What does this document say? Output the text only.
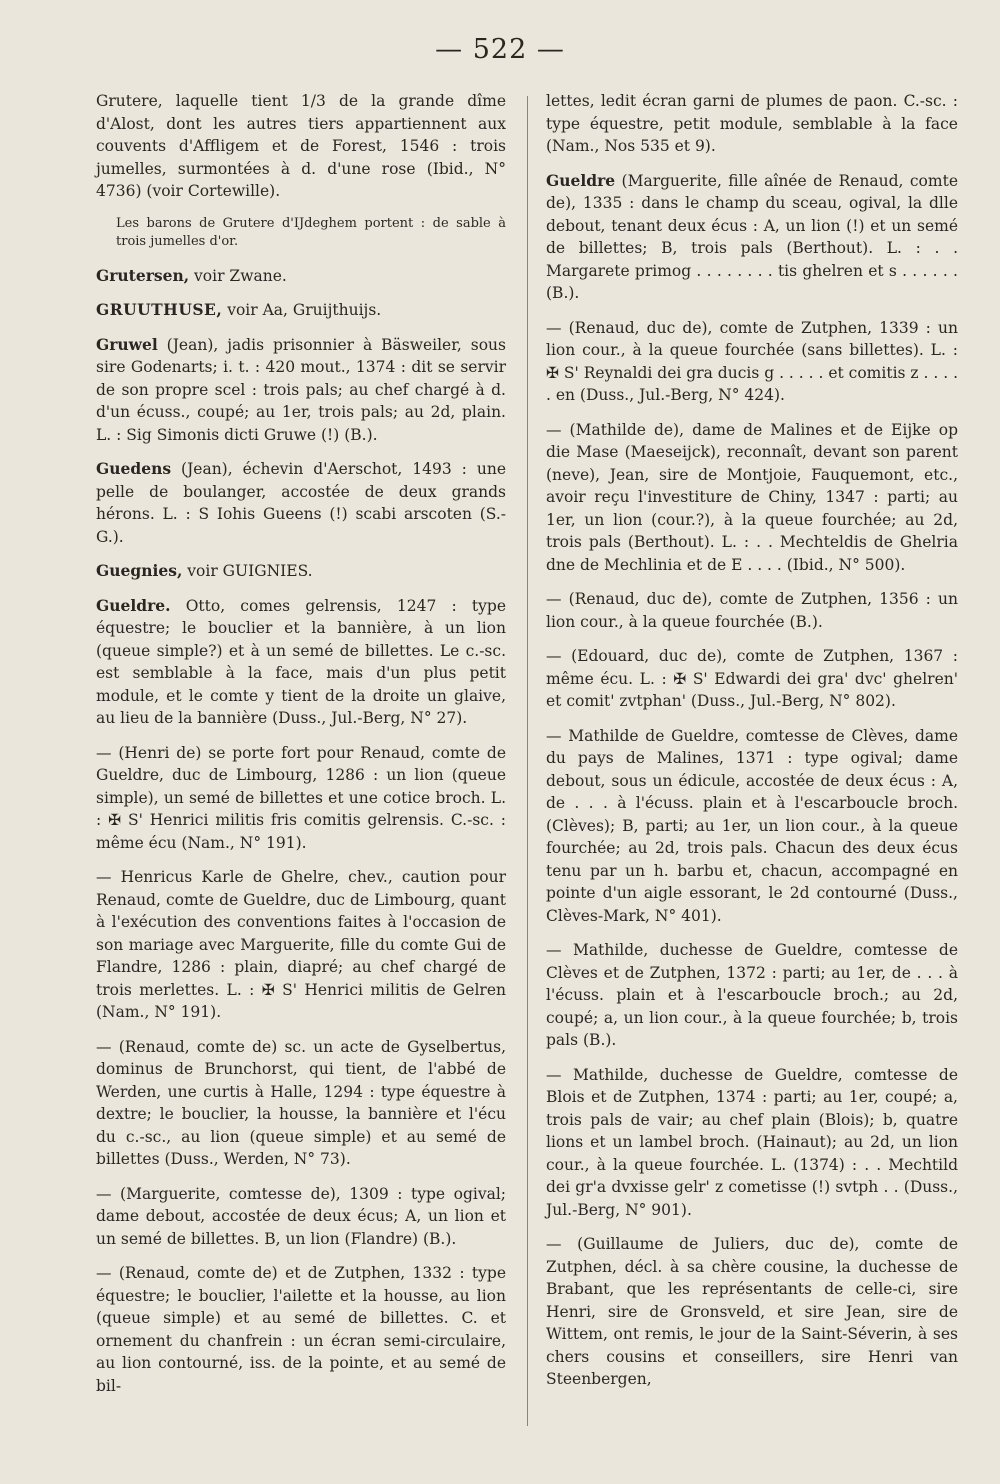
— 522 —

Grutere, laquelle tient 1/3 de la grande dîme d'Alost, dont les autres tiers appartiennent aux couvents d'Affligem et de Forest, 1546 : trois jumelles, surmontées à d. d'une rose (Ibid., N° 4736) (voir Cortewille).

Les barons de Grutere d'IJdeghem portent : de sable à trois jumelles d'or.

Grutersen, voir Zwane.

GRUUTHUSE, voir Aa, Gruijthuijs.

Gruwel (Jean), jadis prisonnier à Bäsweiler, sous sire Godenarts; i. t. : 420 mout., 1374 : dit se servir de son propre scel : trois pals; au chef chargé à d. d'un écuss., coupé; au 1er, trois pals; au 2d, plain. L. : Sig Simonis dicti Gruwe (!) (B.).

Guedens (Jean), échevin d'Aerschot, 1493 : une pelle de boulanger, accostée de deux grands hérons. L. : S Iohis Gueens (!) scabi arscoten (S.-G.).

Guegnies, voir GUIGNIES.

Gueldre. Otto, comes gelrensis, 1247 : type équestre; le bouclier et la bannière, à un lion (queue simple?) et à un semé de billettes. Le c.-sc. est semblable à la face, mais d'un plus petit module, et le comte y tient de la droite un glaive, au lieu de la bannière (Duss., Jul.-Berg, N° 27).

— (Henri de) se porte fort pour Renaud, comte de Gueldre, duc de Limbourg, 1286 : un lion (queue simple), un semé de billettes et une cotice broch. L. : ✠ S' Henrici militis fris comitis gelrensis. C.-sc. : même écu (Nam., N° 191).

— Henricus Karle de Ghelre, chev., caution pour Renaud, comte de Gueldre, duc de Limbourg, quant à l'exécution des conventions faites à l'occasion de son mariage avec Marguerite, fille du comte Gui de Flandre, 1286 : plain, diapré; au chef chargé de trois merlettes. L. : ✠ S' Henrici militis de Gelren (Nam., N° 191).

— (Renaud, comte de) sc. un acte de Gyselbertus, dominus de Brunchorst, qui tient, de l'abbé de Werden, une curtis à Halle, 1294 : type équestre à dextre; le bouclier, la housse, la bannière et l'écu du c.-sc., au lion (queue simple) et au semé de billettes (Duss., Werden, N° 73).

— (Marguerite, comtesse de), 1309 : type ogival; dame debout, accostée de deux écus; A, un lion et un semé de billettes. B, un lion (Flandre) (B.).

— (Renaud, comte de) et de Zutphen, 1332 : type équestre; le bouclier, l'ailette et la housse, au lion (queue simple) et au semé de billettes. C. et ornement du chanfrein : un écran semi-circulaire, au lion contourné, iss. de la pointe, et au semé de bil-

lettes, ledit écran garni de plumes de paon. C.-sc. : type équestre, petit module, semblable à la face (Nam., Nos 535 et 9).

Gueldre (Marguerite, fille aînée de Renaud, comte de), 1335 : dans le champ du sceau, ogival, la dlle debout, tenant deux écus : A, un lion (!) et un semé de billettes; B, trois pals (Berthout). L. : . . Margarete primog . . . . . . . . tis ghelren et s . . . . . . (B.).

— (Renaud, duc de), comte de Zutphen, 1339 : un lion cour., à la queue fourchée (sans billettes). L. : ✠ S' Reynaldi dei gra ducis g . . . . . et comitis z . . . . . en (Duss., Jul.-Berg, N° 424).

— (Mathilde de), dame de Malines et de Eijke op die Mase (Maeseijck), reconnaît, devant son parent (neve), Jean, sire de Montjoie, Fauquemont, etc., avoir reçu l'investiture de Chiny, 1347 : parti; au 1er, un lion (cour.?), à la queue fourchée; au 2d, trois pals (Berthout). L. : . . Mechteldis de Ghelria dne de Mechlinia et de E . . . . (Ibid., N° 500).

— (Renaud, duc de), comte de Zutphen, 1356 : un lion cour., à la queue fourchée (B.).

— (Edouard, duc de), comte de Zutphen, 1367 : même écu. L. : ✠ S' Edwardi dei gra' dvc' ghelren' et comit' zvtphan' (Duss., Jul.-Berg, N° 802).

— Mathilde de Gueldre, comtesse de Clèves, dame du pays de Malines, 1371 : type ogival; dame debout, sous un édicule, accostée de deux écus : A, de . . . à l'écuss. plain et à l'escarboucle broch. (Clèves); B, parti; au 1er, un lion cour., à la queue fourchée; au 2d, trois pals. Chacun des deux écus tenu par un h. barbu et, chacun, accompagné en pointe d'un aigle essorant, le 2d contourné (Duss., Clèves-Mark, N° 401).

— Mathilde, duchesse de Gueldre, comtesse de Clèves et de Zutphen, 1372 : parti; au 1er, de . . . à l'écuss. plain et à l'escarboucle broch.; au 2d, coupé; a, un lion cour., à la queue fourchée; b, trois pals (B.).

— Mathilde, duchesse de Gueldre, comtesse de Blois et de Zutphen, 1374 : parti; au 1er, coupé; a, trois pals de vair; au chef plain (Blois); b, quatre lions et un lambel broch. (Hainaut); au 2d, un lion cour., à la queue fourchée. L. (1374) : . . Mechtild dei gr'a dvxisse gelr' z cometisse (!) svtph . . (Duss., Jul.-Berg, N° 901).

— (Guillaume de Juliers, duc de), comte de Zutphen, décl. à sa chère cousine, la duchesse de Brabant, que les représentants de celle-ci, sire Henri, sire de Gronsveld, et sire Jean, sire de Wittem, ont remis, le jour de la Saint-Séverin, à ses chers cousins et conseillers, sire Henri van Steenbergen,
